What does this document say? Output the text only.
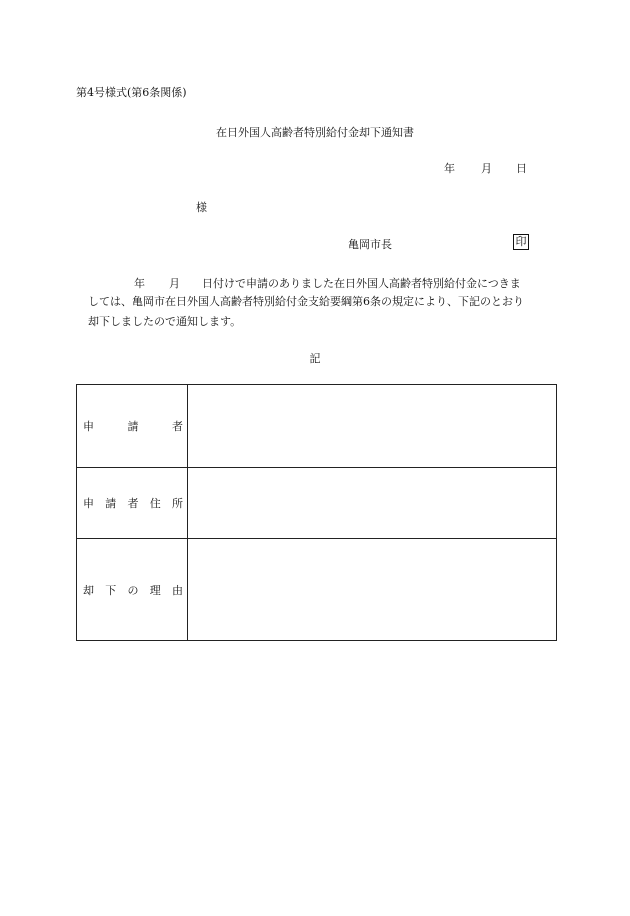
第4号様式(第6条関係)
在日外国人高齢者特別給付金却下通知書
年 月 日
様
亀岡市長	印
年 月 日付けで申請のありました在日外国人高齢者特別給付金につきま
しては、亀岡市在日外国人高齢者特別給付金支給要綱第6条の規定により、下記のとおり
却下しましたので通知します。
記
申 請 者	

申 請 者 住 所	

却 下 の 理 由	
